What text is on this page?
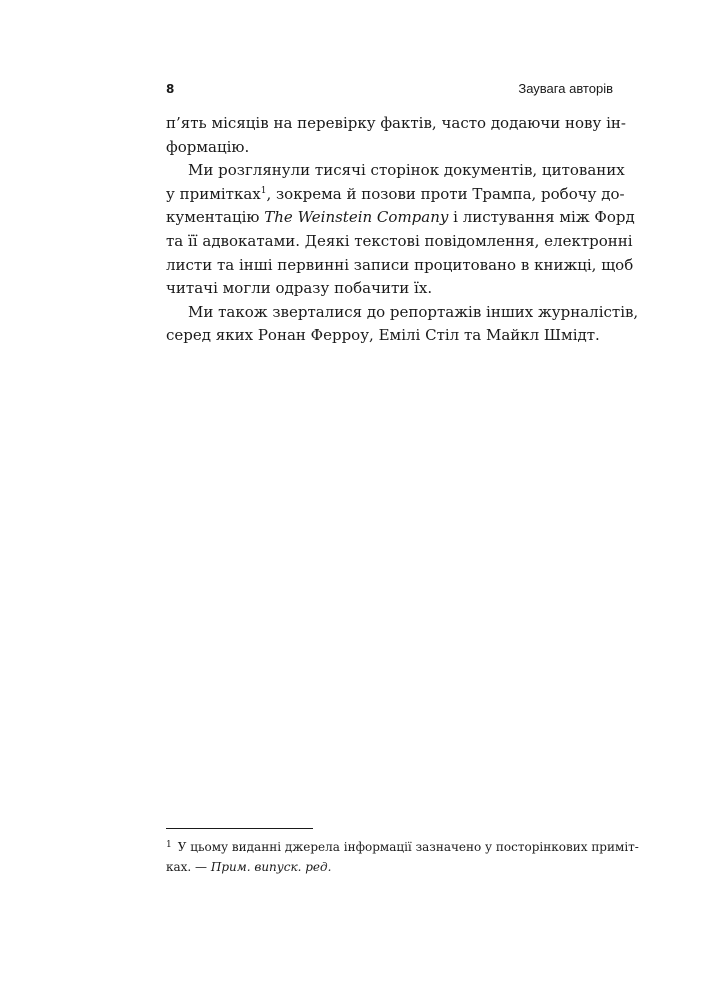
8	Заувага авторів

п’ять місяців на перевірку фактів, часто додаючи нову ін-
формацію.

Ми розглянули тисячі сторінок документів, цитованих
у примітках$^1$, зокрема й позови проти Трампа, робочу до-
кументацію The Weinstein Company і листування між Форд
та її адвокатами. Деякі текстові повідомлення, електронні
листи та інші первинні записи процитовано в книжці, щоб
читачі могли одразу побачити їх.

Ми також зверталися до репортажів інших журналістів,
серед яких Ронан Ферроу, Емілі Стіл та Майкл Шмідт.

$^1$ У цьому виданні джерела інформації зазначено у посторінкових приміт-
ках. — Прим. випуск. ред.
